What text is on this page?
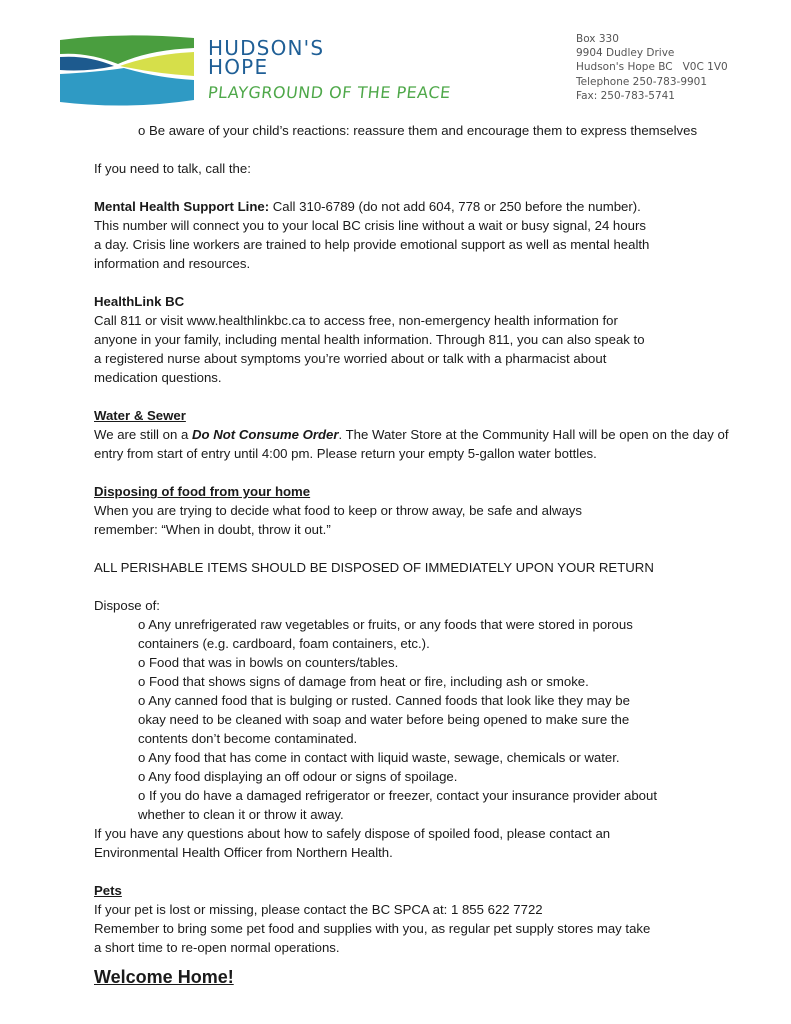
HUDSON'S
HOPE
PLAYGROUND OF THE PEACE
Box 330
9904 Dudley Drive
Hudson's Hope BC   V0C 1V0
Telephone 250-783-9901
Fax: 250-783-5741

o Be aware of your child’s reactions: reassure them and encourage them to express themselves

If you need to talk, call the:

Mental Health Support Line: Call 310-6789 (do not add 604, 778 or 250 before the number).

This number will connect you to your local BC crisis line without a wait or busy signal, 24 hours

a day. Crisis line workers are trained to help provide emotional support as well as mental health

information and resources.

HealthLink BC

Call 811 or visit www.healthlinkbc.ca to access free, non-emergency health information for

anyone in your family, including mental health information. Through 811, you can also speak to

a registered nurse about symptoms you’re worried about or talk with a pharmacist about

medication questions.

Water & Sewer

We are still on a Do Not Consume Order. The Water Store at the Community Hall will be open on the day of

entry from start of entry until 4:00 pm. Please return your empty 5-gallon water bottles.

Disposing of food from your home

When you are trying to decide what food to keep or throw away, be safe and always

remember: “When in doubt, throw it out.”

ALL PERISHABLE ITEMS SHOULD BE DISPOSED OF IMMEDIATELY UPON YOUR RETURN

Dispose of:

o Any unrefrigerated raw vegetables or fruits, or any foods that were stored in porous

containers (e.g. cardboard, foam containers, etc.).

o Food that was in bowls on counters/tables.

o Food that shows signs of damage from heat or fire, including ash or smoke.

o Any canned food that is bulging or rusted. Canned foods that look like they may be

okay need to be cleaned with soap and water before being opened to make sure the

contents don’t become contaminated.

o Any food that has come in contact with liquid waste, sewage, chemicals or water.

o Any food displaying an off odour or signs of spoilage.

o If you do have a damaged refrigerator or freezer, contact your insurance provider about

whether to clean it or throw it away.

If you have any questions about how to safely dispose of spoiled food, please contact an

Environmental Health Officer from Northern Health.

Pets

If your pet is lost or missing, please contact the BC SPCA at: 1 855 622 7722

Remember to bring some pet food and supplies with you, as regular pet supply stores may take

a short time to re-open normal operations.

Welcome Home!
